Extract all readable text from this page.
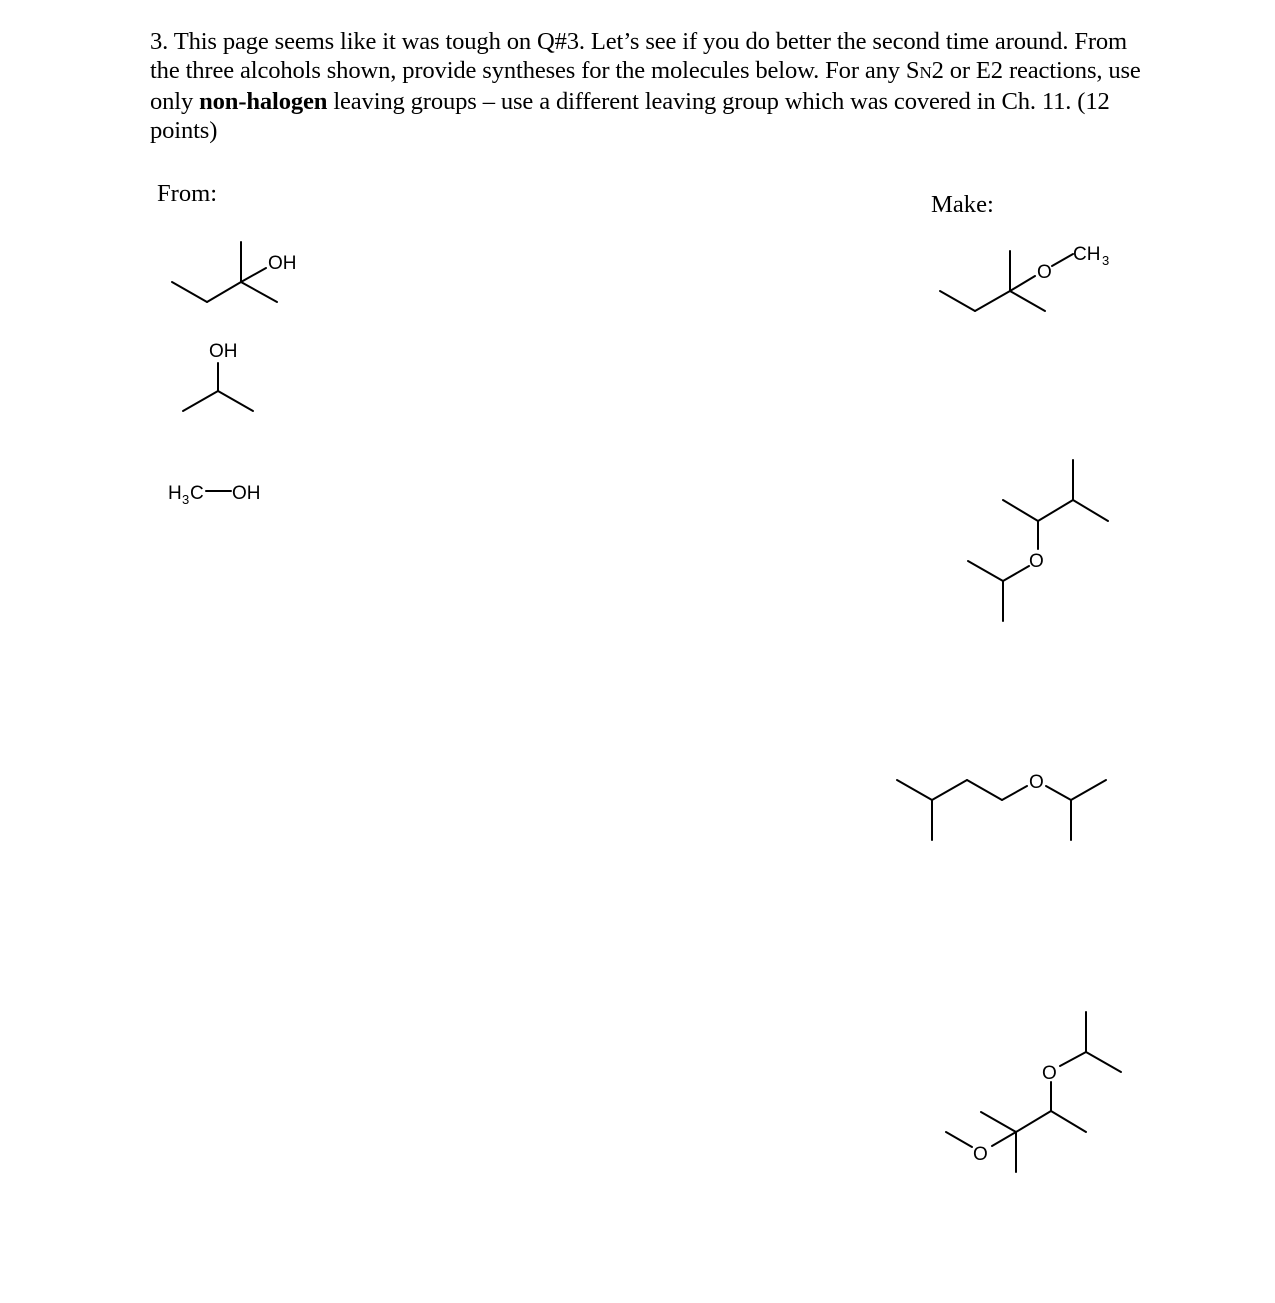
3. This page seems like it was tough on Q#3. Let’s see if you do better the second time around. From the three alcohols shown, provide syntheses for the molecules below. For any SN2 or E2 reactions, use only non-halogen leaving groups – use a different leaving group which was covered in Ch. 11. (12 points)

From:	Make:
OH
OH
H 3 C OH
O
CH 3
O
O
O
O
